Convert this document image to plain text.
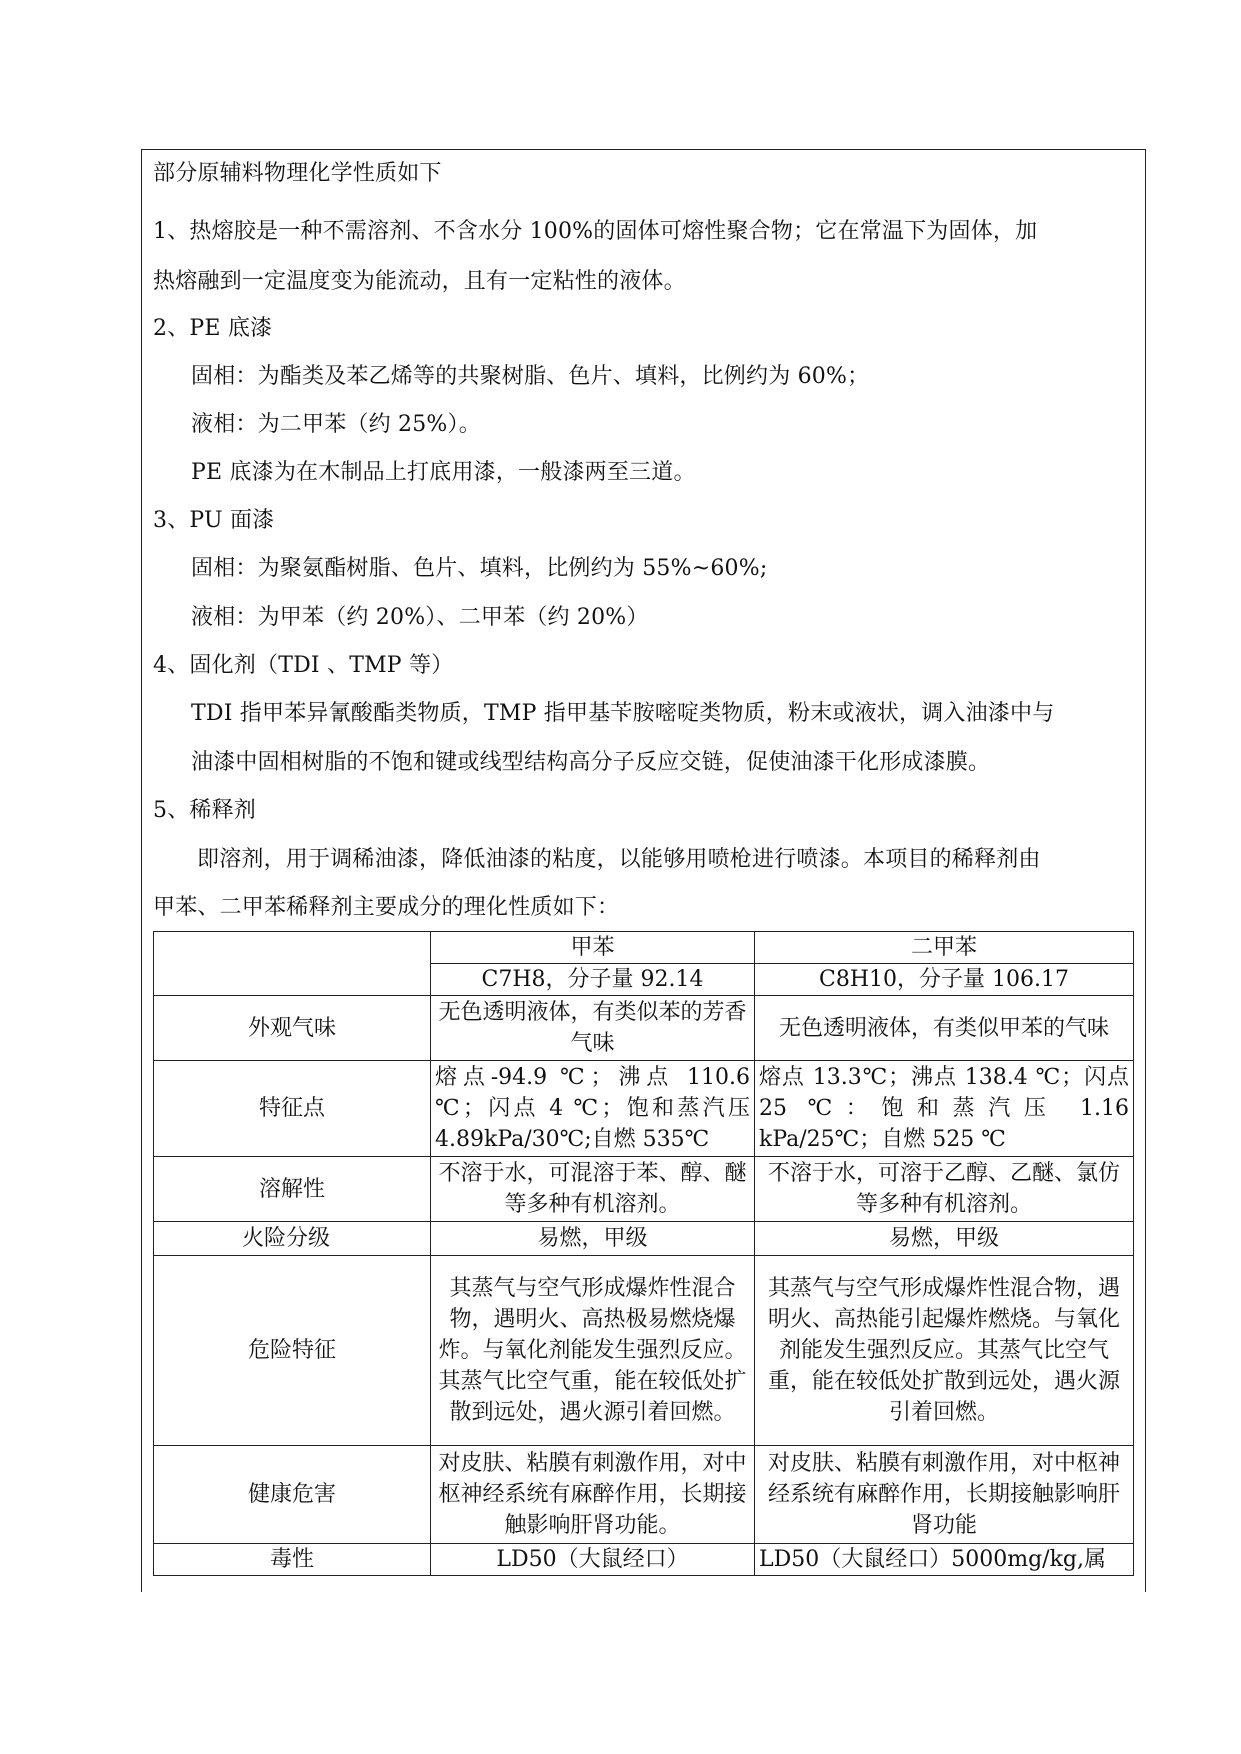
部分原辅料物理化学性质如下
1、热熔胶是一种不需溶剂、不含水分 100%的固体可熔性聚合物；它在常温下为固体，加
热熔融到一定温度变为能流动，且有一定粘性的液体。
2、PE 底漆
固相：为酯类及苯乙烯等的共聚树脂、色片、填料，比例约为 60%；
液相：为二甲苯（约 25%）。
PE 底漆为在木制品上打底用漆，一般漆两至三道。
3、PU 面漆
固相：为聚氨酯树脂、色片、填料，比例约为 55%~60%;
液相：为甲苯（约 20%）、二甲苯（约 20%）
4、固化剂（TDI 、TMP 等）
TDI 指甲苯异氰酸酯类物质，TMP 指甲基苄胺嘧啶类物质，粉末或液状，调入油漆中与
油漆中固相树脂的不饱和键或线型结构高分子反应交链，促使油漆干化形成漆膜。
5、稀释剂
即溶剂，用于调稀油漆，降低油漆的粘度，以能够用喷枪进行喷漆。本项目的稀释剂由
甲苯、二甲苯稀释剂主要成分的理化性质如下：
	甲苯	二甲苯
	C7H8，分子量 92.14	C8H10，分子量 106.17
外观气味	无色透明液体，有类似苯的芳香气味	无色透明液体，有类似甲苯的气味
特征点	熔点-94.9 ℃；沸点 110.6 ℃；闪点 4 ℃；饱和蒸汽压 4.89kPa/30℃;自燃 535℃	熔点 13.3℃；沸点 138.4 ℃；闪点 25 ℃：饱和蒸汽压 1.16 kPa/25℃；自燃 525 ℃
溶解性	不溶于水，可混溶于苯、醇、醚等多种有机溶剂。	不溶于水，可溶于乙醇、乙醚、氯仿等多种有机溶剂。
火险分级	易燃，甲级	易燃，甲级
危险特征	其蒸气与空气形成爆炸性混合物，遇明火、高热极易燃烧爆炸。与氧化剂能发生强烈反应。其蒸气比空气重，能在较低处扩散到远处，遇火源引着回燃。	其蒸气与空气形成爆炸性混合物，遇明火、高热能引起爆炸燃烧。与氧化剂能发生强烈反应。其蒸气比空气重，能在较低处扩散到远处，遇火源引着回燃。
健康危害	对皮肤、粘膜有刺激作用，对中枢神经系统有麻醉作用，长期接触影响肝肾功能。	对皮肤、粘膜有刺激作用，对中枢神经系统有麻醉作用，长期接触影响肝肾功能
毒性	LD50（大鼠经口）	LD50（大鼠经口）5000mg/kg,属
